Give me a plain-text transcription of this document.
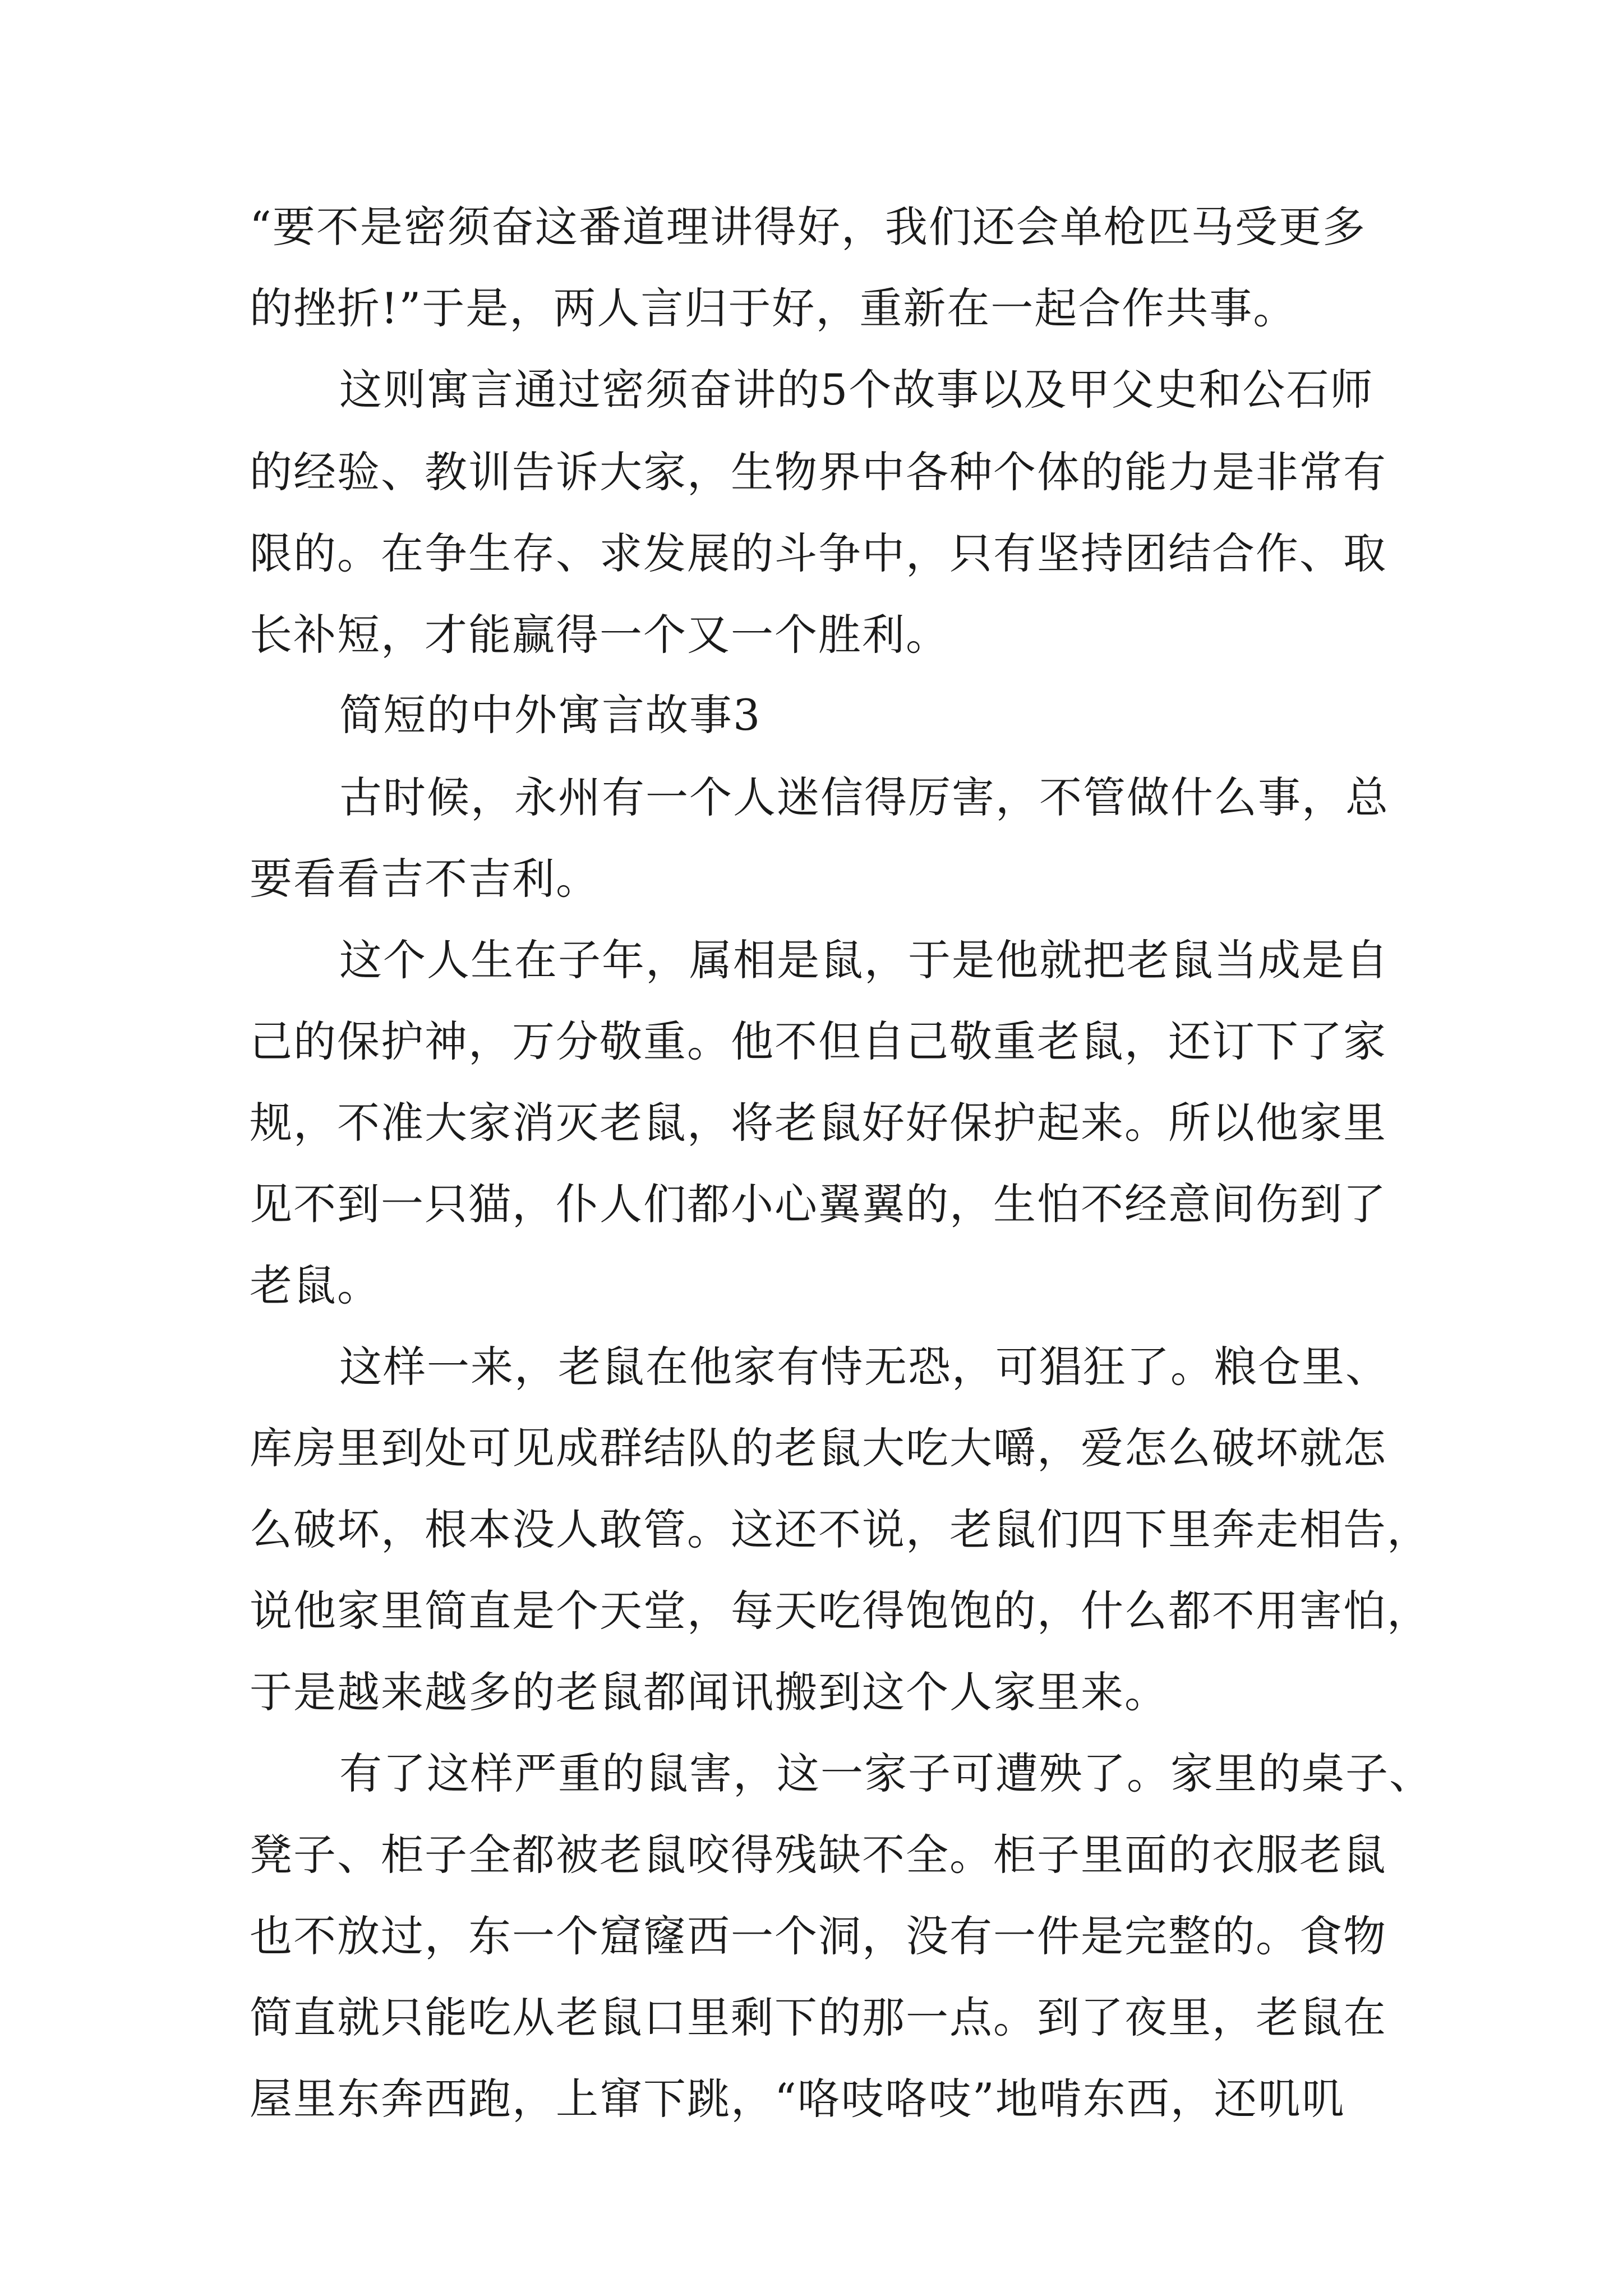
“要不是密须奋这番道理讲得好，我们还会单枪匹马受更多
的挫折!”于是，两人言归于好，重新在一起合作共事。
这则寓言通过密须奋讲的5个故事以及甲父史和公石师
的经验、教训告诉大家，生物界中各种个体的能力是非常有
限的。在争生存、求发展的斗争中，只有坚持团结合作、取
长补短，才能赢得一个又一个胜利。
简短的中外寓言故事3
古时候，永州有一个人迷信得厉害，不管做什么事，总
要看看吉不吉利。
这个人生在子年，属相是鼠，于是他就把老鼠当成是自
己的保护神，万分敬重。他不但自己敬重老鼠，还订下了家
规，不准大家消灭老鼠，将老鼠好好保护起来。所以他家里
见不到一只猫，仆人们都小心翼翼的，生怕不经意间伤到了
老鼠。
这样一来，老鼠在他家有恃无恐，可猖狂了。粮仓里、
库房里到处可见成群结队的老鼠大吃大嚼，爱怎么破坏就怎
么破坏，根本没人敢管。这还不说，老鼠们四下里奔走相告，
说他家里简直是个天堂，每天吃得饱饱的，什么都不用害怕，
于是越来越多的老鼠都闻讯搬到这个人家里来。
有了这样严重的鼠害，这一家子可遭殃了。家里的桌子、
凳子、柜子全都被老鼠咬得残缺不全。柜子里面的衣服老鼠
也不放过，东一个窟窿西一个洞，没有一件是完整的。食物
简直就只能吃从老鼠口里剩下的那一点。到了夜里，老鼠在
屋里东奔西跑，上窜下跳，“咯吱咯吱”地啃东西，还叽叽
